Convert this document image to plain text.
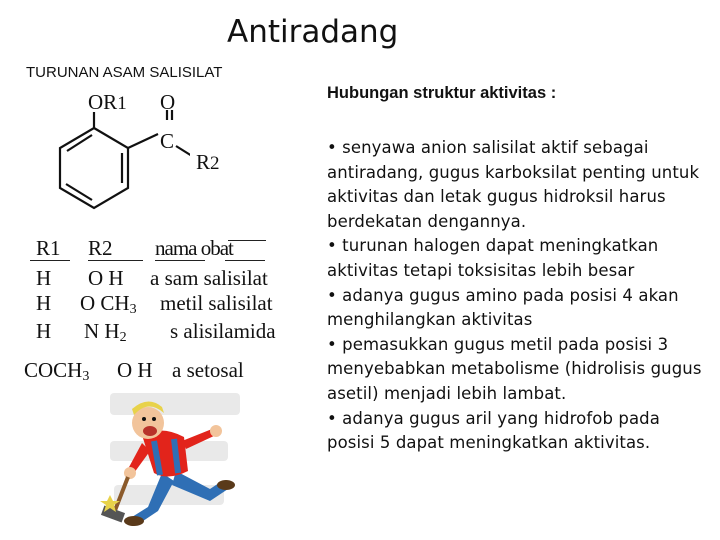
Antiradang
TURUNAN ASAM SALISILAT
OR1 O
C
R2
R1 R2 nama obat
H O H a sam salisilat
H O $CH_3$ metil salisilat
H N $H_2$ s alisilamida
$COCH_3$ O H a setosal

Hubungan struktur aktivitas :

• senyawa anion salisilat aktif sebagai antiradang, gugus karboksilat penting untuk aktivitas dan letak gugus hidroksil harus berdekatan dengannya.

• turunan halogen dapat meningkatkan aktivitas tetapi toksisitas lebih besar

• adanya gugus amino pada posisi 4 akan menghilangkan aktivitas

• pemasukkan gugus metil pada posisi 3 menyebabkan metabolisme (hidrolisis gugus asetil) menjadi lebih lambat.

• adanya gugus aril yang hidrofob pada posisi 5 dapat meningkatkan aktivitas.
